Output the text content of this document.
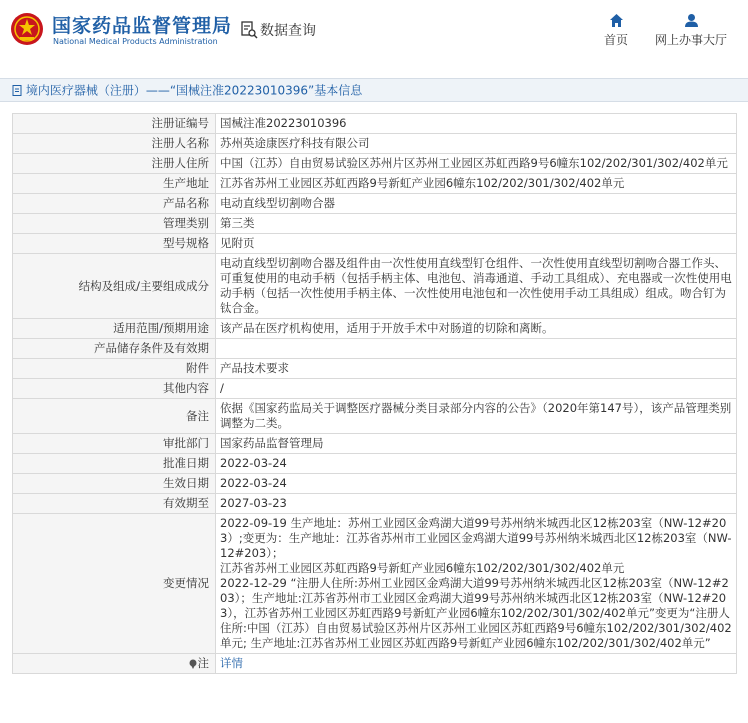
国家药品监督管理局
National Medical Products Administration
数据查询
首页 网上办事大厅
境内医疗器械（注册）——“国械注准20223010396”基本信息
注册证编号	国械注准20223010396
注册人名称	苏州英途康医疗科技有限公司
注册人住所	中国（江苏）自由贸易试验区苏州片区苏州工业园区苏虹西路9号6幢东102/202/301/302/402单元
生产地址	江苏省苏州工业园区苏虹西路9号新虹产业园6幢东102/202/301/302/402单元
产品名称	电动直线型切割吻合器
管理类别	第三类
型号规格	见附页
结构及组成/主要组成成分	电动直线型切割吻合器及组件由一次性使用直线型钉仓组件、一次性使用直线型切割吻合器工作头、可重复使用的电动手柄（包括手柄主体、电池包、消毒通道、手动工具组成）、充电器或一次性使用电动手柄（包括一次性使用手柄主体、一次性使用电池包和一次性使用手动工具组成）组成。吻合钉为钛合金。
适用范围/预期用途	该产品在医疗机构使用，适用于开放手术中对肠道的切除和离断。
产品储存条件及有效期	
附件	产品技术要求
其他内容	/
备注	依据《国家药监局关于调整医疗器械分类目录部分内容的公告》（2020年第147号），该产品管理类别调整为二类。
审批部门	国家药品监督管理局
批准日期	2022-03-24
生效日期	2022-03-24
有效期至	2027-03-23
变更情况	2022-09-19 生产地址：苏州工业园区金鸡湖大道99号苏州纳米城西北区12栋203室（NW-12#203）;变更为：生产地址：江苏省苏州市工业园区金鸡湖大道99号苏州纳米城西北区12栋203室（NW-12#203）；
江苏省苏州工业园区苏虹西路9号新虹产业园6幢东102/202/301/302/402单元
2022-12-29 “注册人住所:苏州工业园区金鸡湖大道99号苏州纳米城西北区12栋203室（NW-12#203）；生产地址:江苏省苏州市工业园区金鸡湖大道99号苏州纳米城西北区12栋203室（NW-12#203），江苏省苏州工业园区苏虹西路9号新虹产业园6幢东102/202/301/302/402单元”变更为“注册人住所:中国（江苏）自由贸易试验区苏州片区苏州工业园区苏虹西路9号6幢东102/202/301/302/402单元; 生产地址:江苏省苏州工业园区苏虹西路9号新虹产业园6幢东102/202/301/302/402单元”
注	详情
